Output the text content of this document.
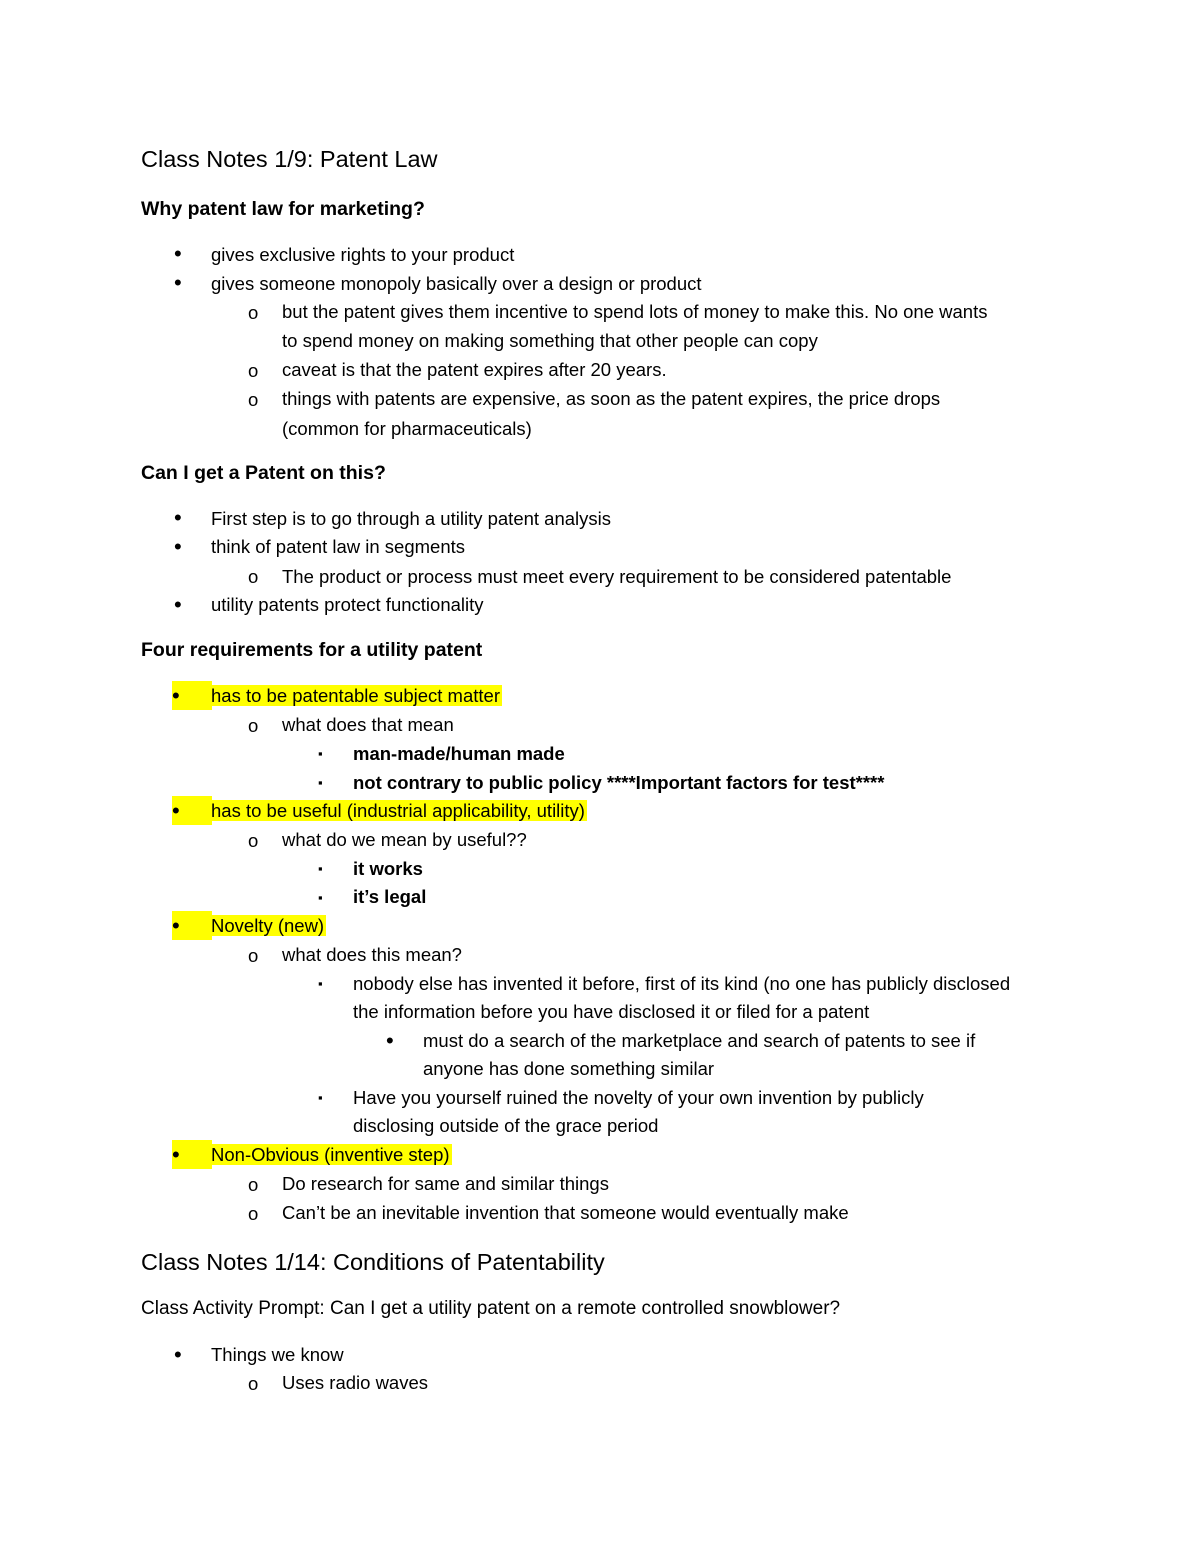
Class Notes 1/9: Patent Law
Why patent law for marketing?
• gives exclusive rights to your product
• gives someone monopoly basically over a design or product
o but the patent gives them incentive to spend lots of money to make this. No one wants
to spend money on making something that other people can copy
o caveat is that the patent expires after 20 years.
o things with patents are expensive, as soon as the patent expires, the price drops
(common for pharmaceuticals)
Can I get a Patent on this?
• First step is to go through a utility patent analysis
• think of patent law in segments
o The product or process must meet every requirement to be considered patentable
• utility patents protect functionality
Four requirements for a utility patent
•	has to be patentable subject matter
o what does that mean
▪ man-made/human made
▪ not contrary to public policy ****Important factors for test****
•	has to be useful (industrial applicability, utility)
o what do we mean by useful??
▪ it works
▪ it’s legal
•	Novelty (new)
o what does this mean?
▪ nobody else has invented it before, first of its kind (no one has publicly disclosed
the information before you have disclosed it or filed for a patent
• must do a search of the marketplace and search of patents to see if
anyone has done something similar
▪ Have you yourself ruined the novelty of your own invention by publicly
disclosing outside of the grace period
•	Non-Obvious (inventive step)
o Do research for same and similar things
o Can’t be an inevitable invention that someone would eventually make
Class Notes 1/14: Conditions of Patentability
Class Activity Prompt: Can I get a utility patent on a remote controlled snowblower?
• Things we know
o Uses radio waves
